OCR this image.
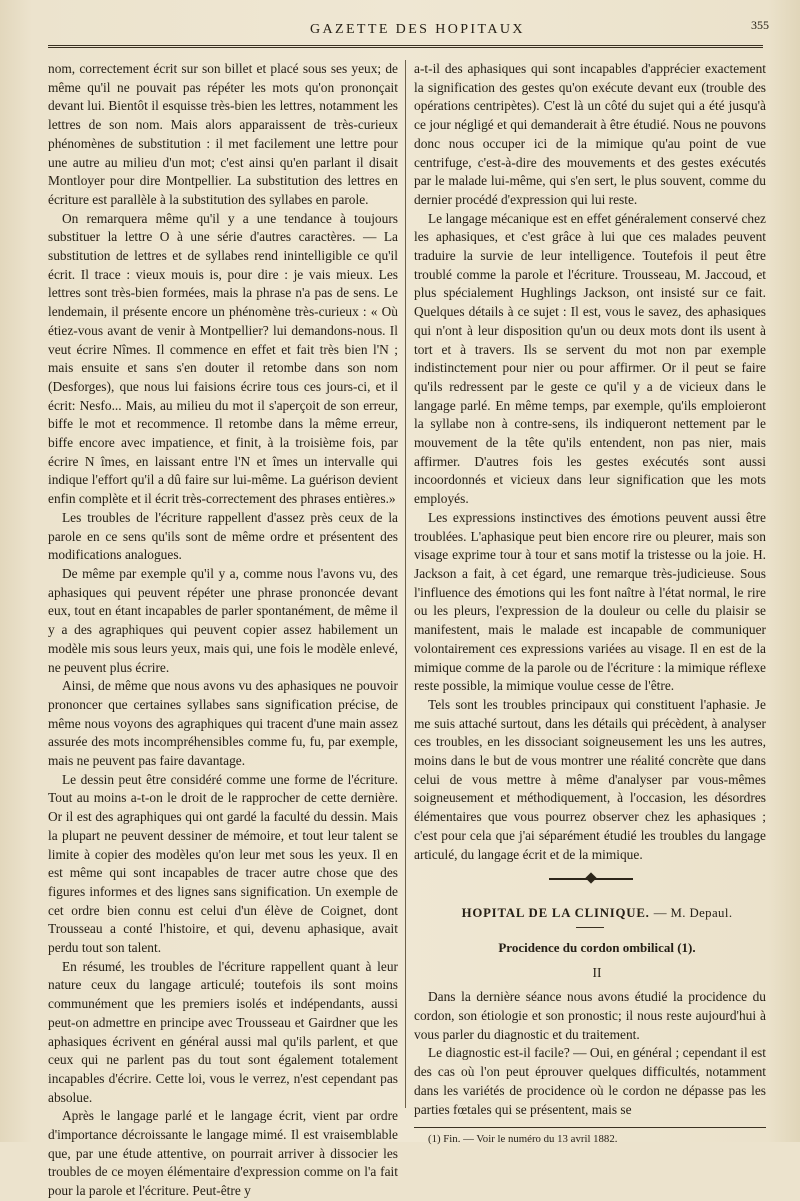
GAZETTE DES HOPITAUX	355

nom, correctement écrit sur son billet et placé sous ses yeux; de même qu'il ne pouvait pas répéter les mots qu'on prononçait devant lui. Bientôt il esquisse très-bien les lettres, notamment les lettres de son nom. Mais alors apparaissent de très-curieux phénomènes de substitution : il met facilement une lettre pour une autre au milieu d'un mot; c'est ainsi qu'en parlant il disait Montloyer pour dire Montpellier. La substitution des lettres en écriture est parallèle à la substitution des syllabes en parole.

On remarquera même qu'il y a une tendance à toujours substituer la lettre O à une série d'autres caractères. — La substitution de lettres et de syllabes rend inintelligible ce qu'il écrit. Il trace : vieux mouis is, pour dire : je vais mieux. Les lettres sont très-bien formées, mais la phrase n'a pas de sens. Le lendemain, il présente encore un phénomène très-curieux : « Où étiez-vous avant de venir à Montpellier? lui demandons-nous. Il veut écrire Nîmes. Il commence en effet et fait très bien l'N ; mais ensuite et sans s'en douter il retombe dans son nom (Desforges), que nous lui faisions écrire tous ces jours-ci, et il écrit: Nesfo... Mais, au milieu du mot il s'aperçoit de son erreur, biffe le mot et recommence. Il retombe dans la même erreur, biffe encore avec impatience, et finit, à la troisième fois, par écrire N îmes, en laissant entre l'N et îmes un intervalle qui indique l'effort qu'il a dû faire sur lui-même. La guérison devient enfin complète et il écrit très-correctement des phrases entières.»

Les troubles de l'écriture rappellent d'assez près ceux de la parole en ce sens qu'ils sont de même ordre et présentent des modifications analogues.

De même par exemple qu'il y a, comme nous l'avons vu, des aphasiques qui peuvent répéter une phrase prononcée devant eux, tout en étant incapables de parler spontanément, de même il y a des agraphiques qui peuvent copier assez habilement un modèle mis sous leurs yeux, mais qui, une fois le modèle enlevé, ne peuvent plus écrire.

Ainsi, de même que nous avons vu des aphasiques ne pouvoir prononcer que certaines syllabes sans signification précise, de même nous voyons des agraphiques qui tracent d'une main assez assurée des mots incompréhensibles comme fu, fu, par exemple, mais ne peuvent pas faire davantage.

Le dessin peut être considéré comme une forme de l'écriture. Tout au moins a-t-on le droit de le rapprocher de cette dernière. Or il est des agraphiques qui ont gardé la faculté du dessin. Mais la plupart ne peuvent dessiner de mémoire, et tout leur talent se limite à copier des modèles qu'on leur met sous les yeux. Il en est même qui sont incapables de tracer autre chose que des figures informes et des lignes sans signification. Un exemple de cet ordre bien connu est celui d'un élève de Coignet, dont Trousseau a conté l'histoire, et qui, devenu aphasique, avait perdu tout son talent.

En résumé, les troubles de l'écriture rappellent quant à leur nature ceux du langage articulé; toutefois ils sont moins communément que les premiers isolés et indépendants, aussi peut-on admettre en principe avec Trousseau et Gairdner que les aphasiques écrivent en général aussi mal qu'ils parlent, et que ceux qui ne parlent pas du tout sont également totalement incapables d'écrire. Cette loi, vous le verrez, n'est cependant pas absolue.

Après le langage parlé et le langage écrit, vient par ordre d'importance décroissante le langage mimé. Il est vraisemblable que, par une étude attentive, on pourrait arriver à dissocier les troubles de ce moyen élémentaire d'expression comme on l'a fait pour la parole et l'écriture. Peut-être y

a-t-il des aphasiques qui sont incapables d'apprécier exactement la signification des gestes qu'on exécute devant eux (trouble des opérations centripètes). C'est là un côté du sujet qui a été jusqu'à ce jour négligé et qui demanderait à être étudié. Nous ne pouvons donc nous occuper ici de la mimique qu'au point de vue centrifuge, c'est-à-dire des mouvements et des gestes exécutés par le malade lui-même, qui s'en sert, le plus souvent, comme du dernier procédé d'expression qui lui reste.

Le langage mécanique est en effet généralement conservé chez les aphasiques, et c'est grâce à lui que ces malades peuvent traduire la survie de leur intelligence. Toutefois il peut être troublé comme la parole et l'écriture. Trousseau, M. Jaccoud, et plus spécialement Hughlings Jackson, ont insisté sur ce fait. Quelques détails à ce sujet : Il est, vous le savez, des aphasiques qui n'ont à leur disposition qu'un ou deux mots dont ils usent à tort et à travers. Ils se servent du mot non par exemple indistinctement pour nier ou pour affirmer. Or il peut se faire qu'ils redressent par le geste ce qu'il y a de vicieux dans le langage parlé. En même temps, par exemple, qu'ils emploieront la syllabe non à contre-sens, ils indiqueront nettement par le mouvement de la tête qu'ils entendent, non pas nier, mais affirmer. D'autres fois les gestes exécutés sont aussi incoordonnés et vicieux dans leur signification que les mots employés.

Les expressions instinctives des émotions peuvent aussi être troublées. L'aphasique peut bien encore rire ou pleurer, mais son visage exprime tour à tour et sans motif la tristesse ou la joie. H. Jackson a fait, à cet égard, une remarque très-judicieuse. Sous l'influence des émotions qui les font naître à l'état normal, le rire ou les pleurs, l'expression de la douleur ou celle du plaisir se manifestent, mais le malade est incapable de communiquer volontairement ces expressions variées au visage. Il en est de la mimique comme de la parole ou de l'écriture : la mimique réflexe reste possible, la mimique voulue cesse de l'être.

Tels sont les troubles principaux qui constituent l'aphasie. Je me suis attaché surtout, dans les détails qui précèdent, à analyser ces troubles, en les dissociant soigneusement les uns les autres, moins dans le but de vous montrer une réalité concrète que dans celui de vous mettre à même d'analyser par vous-mêmes soigneusement et méthodiquement, à l'occasion, les désordres élémentaires que vous pourrez observer chez les aphasiques ; c'est pour cela que j'ai séparément étudié les troubles du langage articulé, du langage écrit et de la mimique.

HOPITAL DE LA CLINIQUE. — M. Depaul.

Procidence du cordon ombilical (1).

II

Dans la dernière séance nous avons étudié la procidence du cordon, son étiologie et son pronostic; il nous reste aujourd'hui à vous parler du diagnostic et du traitement.

Le diagnostic est-il facile? — Oui, en général ; cependant il est des cas où l'on peut éprouver quelques difficultés, notamment dans les variétés de procidence où le cordon ne dépasse pas les parties fœtales qui se présentent, mais se

(1) Fin. — Voir le numéro du 13 avril 1882.
